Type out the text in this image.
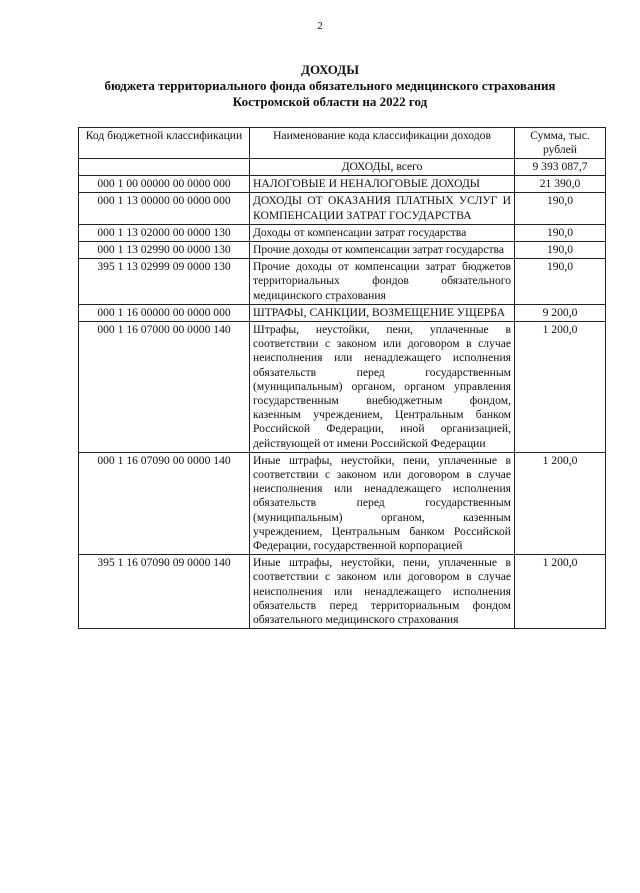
2
ДОХОДЫ
бюджета территориального фонда обязательного медицинского страхования
Костромской области на 2022 год
Код бюджетной классификации	Наименование кода классификации доходов	Сумма, тыс. рублей
	ДОХОДЫ, всего	9 393 087,7
000 1 00 00000 00 0000 000	НАЛОГОВЫЕ И НЕНАЛОГОВЫЕ ДОХОДЫ	21 390,0
000 1 13 00000 00 0000 000	ДОХОДЫ ОТ ОКАЗАНИЯ ПЛАТНЫХ УСЛУГ И КОМПЕНСАЦИИ ЗАТРАТ ГОСУДАРСТВА	190,0
000 1 13 02000 00 0000 130	Доходы от компенсации затрат государства	190,0
000 1 13 02990 00 0000 130	Прочие доходы от компенсации затрат государства	190,0
395 1 13 02999 09 0000 130	Прочие доходы от компенсации затрат бюджетов территориальных фондов обязательного медицинского страхования	190,0
000 1 16 00000 00 0000 000	ШТРАФЫ, САНКЦИИ, ВОЗМЕЩЕНИЕ УЩЕРБА	9 200,0
000 1 16 07000 00 0000 140	Штрафы, неустойки, пени, уплаченные в соответствии с законом или договором в случае неисполнения или ненадлежащего исполнения обязательств перед государственным (муниципальным) органом, органом управления государственным внебюджетным фондом, казенным учреждением, Центральным банком Российской Федерации, иной организацией, действующей от имени Российской Федерации	1 200,0
000 1 16 07090 00 0000 140	Иные штрафы, неустойки, пени, уплаченные в соответствии с законом или договором в случае неисполнения или ненадлежащего исполнения обязательств перед государственным (муниципальным) органом, казенным учреждением, Центральным банком Российской Федерации, государственной корпорацией	1 200,0
395 1 16 07090 09 0000 140	Иные штрафы, неустойки, пени, уплаченные в соответствии с законом или договором в случае неисполнения или ненадлежащего исполнения обязательств перед территориальным фондом обязательного медицинского страхования	1 200,0
